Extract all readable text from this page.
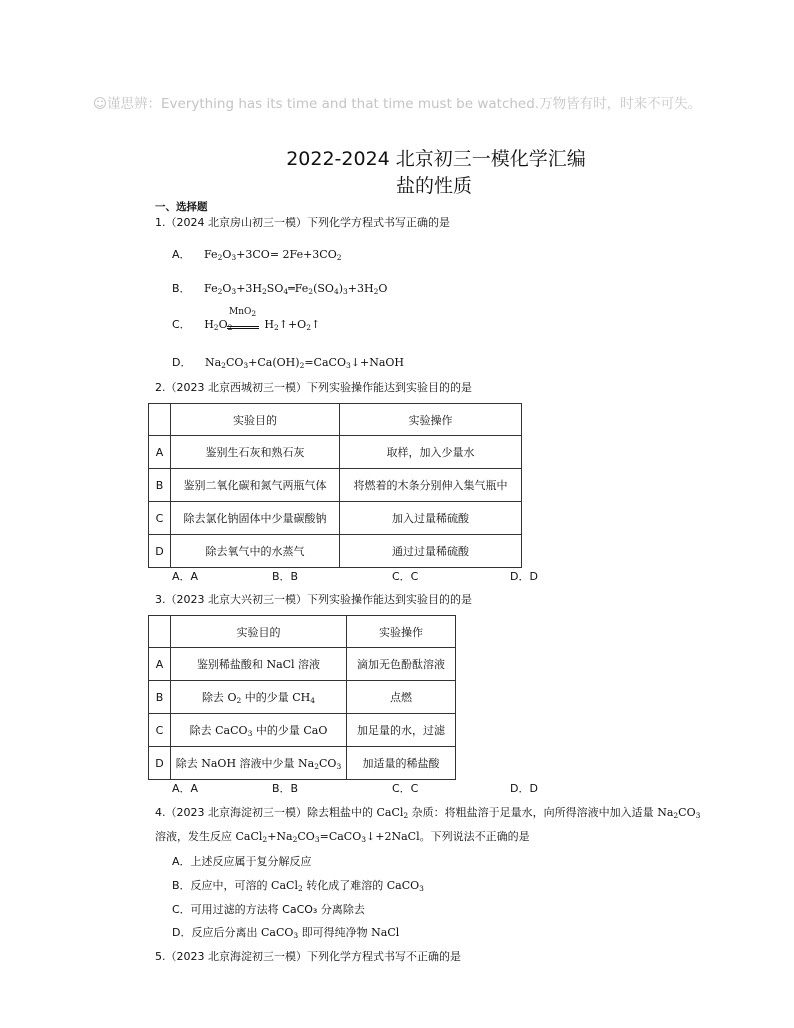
☺谨思辨：Everything has its time and that time must be watched.万物皆有时，时来不可失。
2022-2024 北京初三一模化学汇编
盐的性质
一、选择题
1.（2024 北京房山初三一模）下列化学方程式书写正确的是
A． $Fe_2O_3+3CO= 2Fe+3CO_2$
B． $Fe_2O_3+3H_2SO_4═Fe_2(SO_4)_3+3H_2O$
C． $H_2O_2$	$H_2↑+O_2↑$
MnO$_2$
D． $Na_2CO_3+Ca(OH)_2=CaCO_3↓+NaOH$
2.（2023 北京西城初三一模）下列实验操作能达到实验目的的是
	实验目的	实验操作
A	鉴别生石灰和熟石灰	取样，加入少量水
B	鉴别二氧化碳和氮气两瓶气体	将燃着的木条分别伸入集气瓶中
C	除去氯化钠固体中少量碳酸钠	加入过量稀硫酸
D	除去氧气中的水蒸气	通过过量稀硫酸
A．A	B．B	C．C	D．D
3.（2023 北京大兴初三一模）下列实验操作能达到实验目的的是
	实验目的	实验操作
A	鉴别稀盐酸和 NaCl 溶液	滴加无色酚酞溶液
B	除去 $O_2$ 中的少量 $CH_4$	点燃
C	除去 CaCO$_3$ 中的少量 CaO	加足量的水，过滤
D	除去 NaOH 溶液中少量 $Na_2CO_3$	加适量的稀盐酸
A．A	B．B	C．C	D．D
4.（2023 北京海淀初三一模）除去粗盐中的 CaCl$_2$ 杂质：将粗盐溶于足量水，向所得溶液中加入适量 $Na_2CO_3$
溶液，发生反应 $CaCl_2+Na_2CO_3=CaCO_3↓+2NaCl$。下列说法不正确的是
A．上述反应属于复分解反应
B．反应中，可溶的 CaCl$_2$ 转化成了难溶的 CaCO$_3$
C．可用过滤的方法将 CaCO₃ 分离除去
D．反应后分离出 CaCO$_3$ 即可得纯净物 NaCl
5.（2023 北京海淀初三一模）下列化学方程式书写不正确的是
